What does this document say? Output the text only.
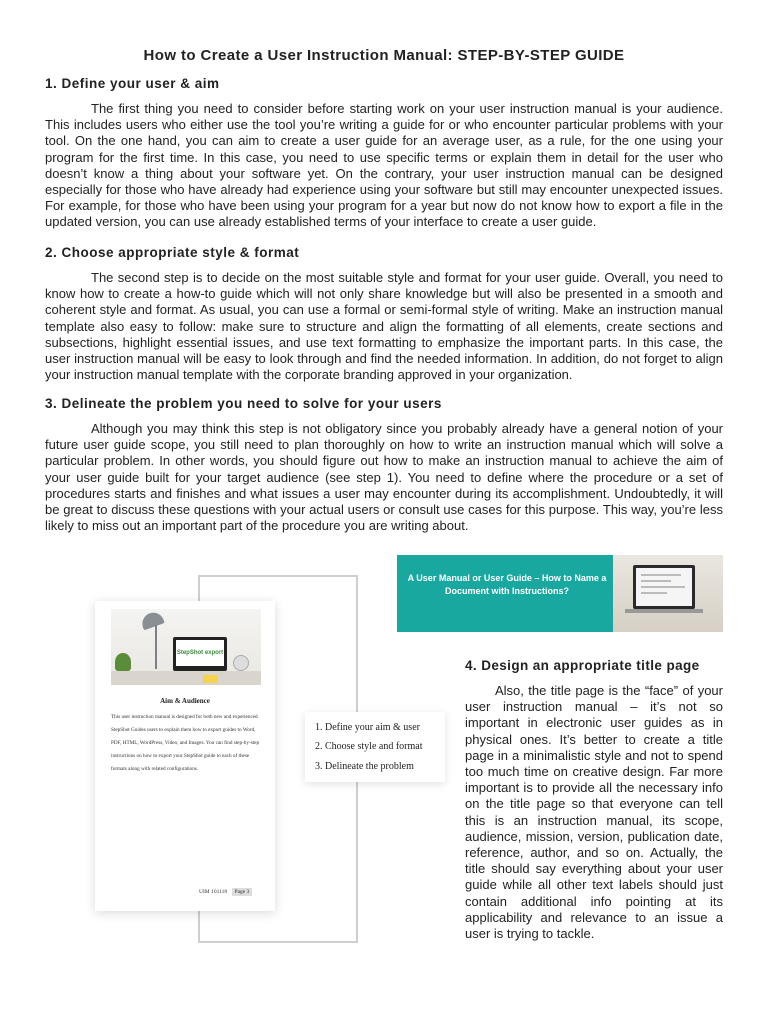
How to Create a User Instruction Manual: STEP-BY-STEP GUIDE
1. Define your user & aim

The first thing you need to consider before starting work on your user instruction manual is your audience. This includes users who either use the tool you’re writing a guide for or who encounter particular problems with your tool. On the one hand, you can aim to create a user guide for an average user, as a rule, for the one using your program for the first time. In this case, you need to use specific terms or explain them in detail for the user who doesn’t know a thing about your software yet. On the contrary, your user instruction manual can be designed especially for those who have already had experience using your software but still may encounter unexpected issues. For example, for those who have been using your program for a year but now do not know how to export a file in the updated version, you can use already established terms of your interface to create a user guide.

2. Choose appropriate style & format

The second step is to decide on the most suitable style and format for your user guide. Overall, you need to know how to create a how-to guide which will not only share knowledge but will also be presented in a smooth and coherent style and format. As usual, you can use a formal or semi-formal style of writing. Make an instruction manual template also easy to follow: make sure to structure and align the formatting of all elements, create sections and subsections, highlight essential issues, and use text formatting to emphasize the important parts. In this case, the user instruction manual will be easy to look through and find the needed information. In addition, do not forget to align your instruction manual template with the corporate branding approved in your organization.

3. Delineate the problem you need to solve for your users

Although you may think this step is not obligatory since you probably already have a general notion of your future user guide scope, you still need to plan thoroughly on how to write an instruction manual which will solve a particular problem. In other words, you should figure out how to make an instruction manual to achieve the aim of your user guide built for your target audience (see step 1). You need to define where the procedure or a set of procedures starts and finishes and what issues a user may encounter during its accomplishment. Undoubtedly, it will be great to discuss these questions with your actual users or consult use cases for this purpose. This way, you’re less likely to miss out an important part of the procedure you are writing about.

StepShot export
Aim & Audience

This user instruction manual is designed for both new and experienced StepShot Guides users to explain them how to export guides to Word, PDF, HTML, WordPress, Video, and Images. You can find step-by-step instructions on how to export your StepShot guide to each of these formats along with related configurations.

UIM 101118 Page 3
1. Define your aim & user
2. Choose style and format
3. Delineate the problem
A User Manual or User Guide – How to Name a Document with Instructions?
4. Design an appropriate title page

Also, the title page is the “face” of your user instruction manual – it’s not so important in electronic user guides as in physical ones. It’s better to create a title page in a minimalistic style and not to spend too much time on creative design. Far more important is to provide all the necessary info on the title page so that everyone can tell this is an instruction manual, its scope, audience, mission, version, publication date, reference, author, and so on. Actually, the title should say everything about your user guide while all other text labels should just contain additional info pointing at its applicability and relevance to an issue a user is trying to tackle.
